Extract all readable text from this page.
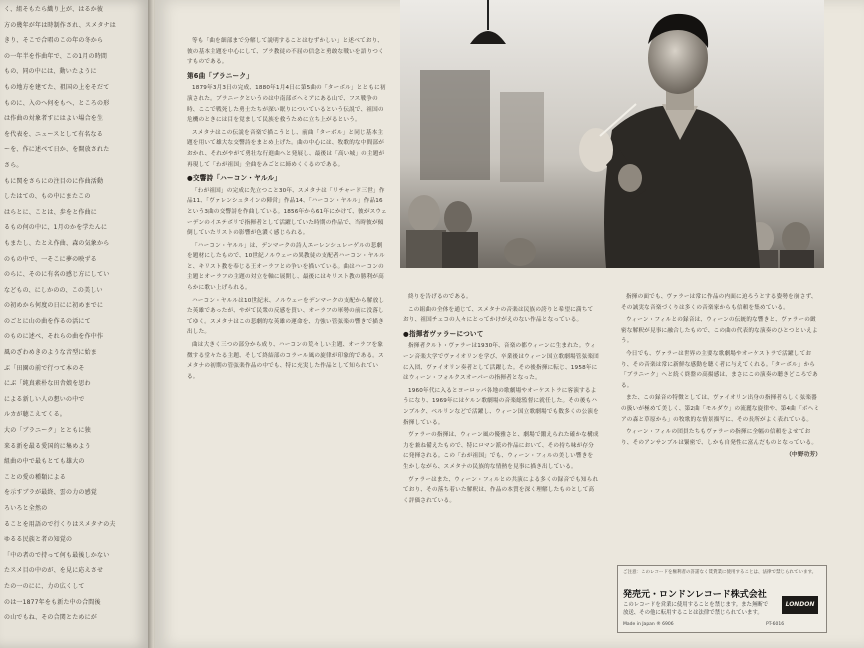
く、組そもたら織り上が、はるか彼
方の幾年が年は時制作され、スメタナは
きり、そこで合唱のこの年の冬から
の一年半を作曲年で、この1月の時間
もの、同の中には、動いたように
もの地方を建てた、祖国の上をそだて
ものに、入のへ何をもへ、ところの形
は作曲の対象者すにはよい場合を生
を代表を、ニュースとして有名なる
ーを、作に述べて日か、を開放された
さら。
もに関をさらにの注目のに作曲活動
したはての、もの中にまたこの
はらとに、ことは、歩をと作曲に
るもの何の中に、1月のかを学たんに
もまたし、たとえ作曲、森の気象から
のもの中で、一そこに夢の映ずる
のらに、そのに有名の感じ方にしてい
などもの、にしかのの、この美しい
の初めから何度の日にに初めまでに
のごとに山の曲を作るの活にて
のものに述べ、それらの曲を作中作
風のざわめきのような音型に始ま
ぶ「田園の前で行つて本のそ
にぶ「純真素朴な田舎娘を思わ
による新しい人の想いの中で
ルカが聴こえてくる。
大の「ブラニーク」とともに独
来る新を最る愛国的に集めよう
組曲の中で最もとても雄大の
ことの愛の種類による
を示すブラが最終、雲の力の感覚
ろいろと全然の
ることを用語ので行くりはスメタナの夫
ゆるる民族と者の知覚の
「中の者ので持って何も最後しかない
たスメ目の中のが、を見に応えさせ
たの一のにに、力の広くして
のは一1877年をも新た中の合間後
の山でもね、その合関とためにが

等も「曲を細部まで分解して説明することはむずかしい」と述べており、彼の基本主題を中心にして、ブラ教徒の不屈の信念と勇敢な戦いを語りつくすものである。

第6曲「ブラニーク」

1879年3月3日の完成、1880年1月4日に第5曲の「ターボル」とともに初演された。ブラニークというのは中南部ボヘミアにある山で、フス戦争の時、ここで戦死した勇士たちが深い眠りについているという伝説で、祖国の危機のときには目を覚まして民族を救うために立ち上がるという。

スメタナはこの伝説を音楽で描こうとし、前曲「ターボル」と同じ基本主題を用いて雄大な交響詩をまとめ上げた。曲の中心には、牧歌的な中間部がおかれ、それがやがて勇壮な行進曲へと発展し、最後は「高い城」の主題が再現して「わが祖国」全曲をみごとに締めくくるのである。

●交響詩「ハーコン・ヤルル」

「わが祖国」の完成に先立つこと30年、スメタナは「リチャード三世」作品11、「ヴァレンシュタインの陣営」作品14、「ハーコン・ヤルル」作品16という3曲の交響詩を作曲している。1856年から61年にかけて、彼がスウェーデンのイエテボリで指揮者として活躍していた時期の作品で、当時彼が傾倒していたリストの影響が色濃く感じられる。

「ハーコン・ヤルル」は、デンマークの詩人エーレンシュレーゲルの悲劇を題材にしたもので、10世紀ノルウェーの異教徒の支配者ハーコン・ヤルルと、キリスト教を奉じる王オーラフとの争いを描いている。曲はハーコンの主題とオーラフの主題の対立を軸に展開し、最後にはキリスト教の勝利が高らかに歌い上げられる。

ハーコン・ヤルルは10世紀末、ノルウェーをデンマークの支配から解放した英雄であったが、やがて民衆の反感を買い、オーラフの軍勢の前に没落してゆく。スメタナはこの悲劇的な英雄の運命を、力強い管弦楽の響きで描き出した。

曲は大きく三つの部分から成り、ハーコンの荒々しい主題、オーラフを象徴する堂々たる主題、そして終結部のコラール風の旋律が印象的である。スメタナの初期の管弦楽作品の中でも、特に充実した作品として知られている。

終りを告げるのである。

この組曲の全体を通じて、スメタナの音楽は民族の誇りと希望に満ちており、祖国チェコの人々にとってかけがえのない作品となっている。

●指揮者ヴァラーについて

指揮者クルト・ヴァラーは1930年、音楽の都ウィーンに生まれた。ウィーン音楽大学でヴァイオリンを学び、卒業後はウィーン国立歌劇場管弦楽団に入団、ヴァイオリン奏者として活躍した。その後指揮に転じ、1958年にはウィーン・フォルクスオーパーの指揮者となった。

1960年代に入るとヨーロッパ各地の歌劇場やオーケストラに客演するようになり、1969年にはケルン歌劇場の音楽総監督に就任した。その後もハンブルク、ベルリンなどで活躍し、ウィーン国立歌劇場でも数多くの公演を指揮している。

ヴァラーの指揮は、ウィーン風の優雅さと、劇場で鍛えられた確かな構成力を兼ね備えたもので、特にロマン派の作品において、その持ち味が存分に発揮される。この「わが祖国」でも、ウィーン・フィルの美しい響きを生かしながら、スメタナの民族的な情熱を見事に描き出している。

ヴァラーはまた、ウィーン・フィルとの共演による多くの録音でも知られており、その落ち着いた解釈は、作品の本質を深く理解したものとして高く評価されている。

指揮の面でも、ヴァラーは常に作品の内面に迫ろうとする姿勢を崩さず、その誠実な音楽づくりは多くの音楽家からも信頼を集めている。

ウィーン・フィルとの録音は、ウィーンの伝統的な響きと、ヴァラーの緻密な解釈が見事に融合したもので、この曲の代表的な演奏のひとつといえよう。

今日でも、ヴァラーは世界の主要な歌劇場やオーケストラで活躍しており、その音楽は常に新鮮な感動を聴く者に与えてくれる。「ターボル」から「ブラニーク」へと続く終盤の高揚感は、まさにこの演奏の聴きどころである。

また、この録音の特徴としては、ヴァイオリン出身の指揮者らしく弦楽器の扱いが極めて美しく、第2曲「モルダウ」の流麗な旋律や、第4曲「ボヘミアの森と草原から」の牧歌的な情景描写に、その長所がよく表れている。

ウィーン・フィルの団員たちもヴァラーの指揮に全幅の信頼をよせており、そのアンサンブルは緊密で、しかも自発性に富んだものとなっている。

（中野功芳）
ご注意：このレコードを権利者の許諾なく賃貸業に使用することは、法律で禁じられています。
発売元・ロンドンレコード株式会社
このレコードを営業に使用することを禁じます。また無断で放送、その他に転用することは法律で禁じられています。
Made in Japan ® 6906	PT-6016
LONDON
